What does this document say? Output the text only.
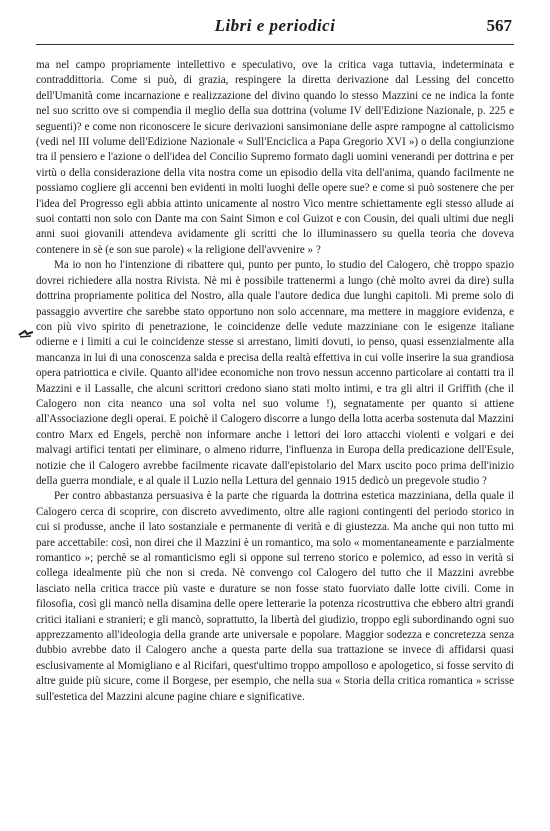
Libri e periodici	567

ma nel campo propriamente intellettivo e speculativo, ove la critica vaga tuttavia, indeterminata e contraddittoria. Come si può, di grazia, respingere la diretta derivazione dal Lessing del concetto dell'Umanità come incarnazione e realizzazione del divino quando lo stesso Mazzini ce ne indica la fonte nel suo scritto ove si compendia il meglio della sua dottrina (volume IV dell'Edizione Nazionale, p. 225 e seguenti)? e come non riconoscere le sicure derivazioni sansimoniane delle aspre rampogne al cattolicismo (vedi nel III volume dell'Edizione Nazionale « Sull'Enciclica a Papa Gregorio XVI ») o della congiunzione tra il pensiero e l'azione o dell'idea del Concilio Supremo formato dagli uomini venerandi per dottrina e per virtù o della considerazione della vita nostra come un episodio della vita dell'anima, quando facilmente ne possiamo cogliere gli accenni ben evidenti in molti luoghi delle opere sue? e come si può sostenere che per l'idea del Progresso egli abbia attinto unicamente al nostro Vico mentre schiettamente egli stesso allude ai suoi contatti non solo con Dante ma con Saint Simon e col Guizot e con Cousin, dei quali ultimi due negli anni suoi giovanili attendeva avidamente gli scritti che lo illuminassero su quella teoria che doveva contenere in sè (e son sue parole) « la religione dell'avvenire » ?

Ma io non ho l'intenzione di ribattere qui, punto per punto, lo studio del Calogero, chè troppo spazio dovrei richiedere alla nostra Rivista. Nè mi è possibile trattenermi a lungo (chè molto avrei da dire) sulla dottrina propriamente politica del Nostro, alla quale l'autore dedica due lunghi capitoli. Mi preme solo di passaggio avvertire che sarebbe stato opportuno non solo accennare, ma mettere in maggiore evidenza, e con più vivo spirito di penetrazione, le coincidenze delle vedute mazziniane con le esigenze italiane odierne e i limiti a cui le coincidenze stesse si arrestano, limiti dovuti, io penso, quasi essenzialmente alla mancanza in lui di una conoscenza salda e precisa della realtà effettiva in cui volle inserire la sua grandiosa opera patriottica e civile. Quanto all'idee economiche non trovo nessun accenno particolare ai contatti tra il Mazzini e il Lassalle, che alcuni scrittori credono siano stati molto intimi, e tra gli altri il Griffith (che il Calogero non cita neanco una sol volta nel suo volume !), segnatamente per quanto si attiene all'Associazione degli operai. E poichè il Calogero discorre a lungo della lotta acerba sostenuta dal Mazzini contro Marx ed Engels, perchè non informare anche i lettori dei loro attacchi violenti e volgari e dei malvagi artifici tentati per eliminare, o almeno ridurre, l'influenza in Europa della predicazione dell'Esule, notizie che il Calogero avrebbe facilmente ricavate dall'epistolario del Marx uscito poco prima dell'inizio della guerra mondiale, e al quale il Luzio nella Lettura del gennaio 1915 dedicò un pregevole studio ?

Per contro abbastanza persuasiva è la parte che riguarda la dottrina estetica mazziniana, della quale il Calogero cerca di scoprire, con discreto avvedimento, oltre alle ragioni contingenti del periodo storico in cui si produsse, anche il lato sostanziale e permanente di verità e di giustezza. Ma anche qui non tutto mi pare accettabile: così, non direi che il Mazzini è un romantico, ma solo « momentaneamente e parzialmente romantico »; perchè se al romanticismo egli si oppone sul terreno storico e polemico, ad esso in verità si collega idealmente più che non si creda. Nè convengo col Calogero del tutto che il Mazzini avrebbe lasciato nella critica tracce più vaste e durature se non fosse stato fuorviato dalle lotte civili. Come in filosofia, così gli mancò nella disamina delle opere letterarie la potenza ricostruttiva che ebbero altri grandi critici italiani e stranieri; e gli mancò, soprattutto, la libertà del giudizio, troppo egli subordinando ogni suo apprezzamento all'ideologia della grande arte universale e popolare. Maggior sodezza e concretezza senza dubbio avrebbe dato il Calogero anche a questa parte della sua trattazione se invece di affidarsi quasi esclusivamente al Momigliano e al Ricifari, quest'ultimo troppo ampolloso e apologetico, si fosse servito di altre guide più sicure, come il Borgese, per esempio, che nella sua « Storia della critica romantica » scrisse sull'estetica del Mazzini alcune pagine chiare e significative.
